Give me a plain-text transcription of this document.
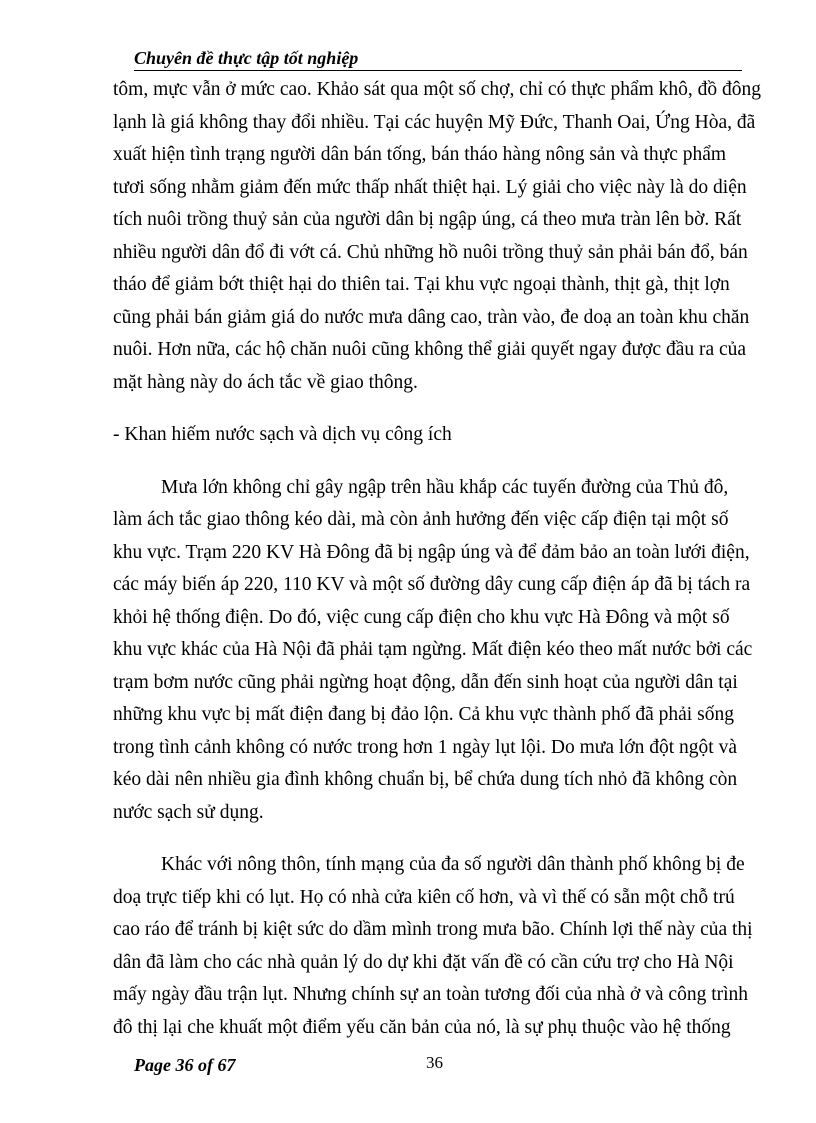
Chuyên đề thực tập tốt nghiệp
tôm, mực vẫn ở mức cao. Khảo sát qua một số chợ, chỉ có thực phẩm khô, đồ đông
lạnh là giá không thay đổi nhiều. Tại các huyện Mỹ Đức, Thanh Oai, Ứng Hòa, đã
xuất hiện tình trạng người dân bán tống, bán tháo hàng nông sản và thực phẩm
tươi sống nhằm giảm đến mức thấp nhất thiệt hại. Lý giải cho việc này là do diện
tích nuôi trồng thuỷ sản của người dân bị ngập úng, cá theo mưa tràn lên bờ. Rất
nhiều người dân đổ đi vớt cá. Chủ những hồ nuôi trồng thuỷ sản phải bán đổ, bán
tháo để giảm bớt thiệt hại do thiên tai. Tại khu vực ngoại thành, thịt gà, thịt lợn
cũng phải bán giảm giá do nước mưa dâng cao, tràn vào, đe doạ an toàn khu chăn
nuôi. Hơn nữa, các hộ chăn nuôi cũng không thể giải quyết ngay được đầu ra của
mặt hàng này do ách tắc về giao thông.
- Khan hiếm nước sạch và dịch vụ công ích
Mưa lớn không chỉ gây ngập trên hầu khắp các tuyến đường của Thủ đô,
làm ách tắc giao thông kéo dài, mà còn ảnh hưởng đến việc cấp điện tại một số
khu vực. Trạm 220 KV Hà Đông đã bị ngập úng và để đảm bảo an toàn lưới điện,
các máy biến áp 220, 110 KV và một số đường dây cung cấp điện áp đã bị tách ra
khỏi hệ thống điện. Do đó, việc cung cấp điện cho khu vực Hà Đông và một số
khu vực khác của Hà Nội đã phải tạm ngừng. Mất điện kéo theo mất nước bởi các
trạm bơm nước cũng phải ngừng hoạt động, dẫn đến sinh hoạt của người dân tại
những khu vực bị mất điện đang bị đảo lộn. Cả khu vực thành phố đã phải sống
trong tình cảnh không có nước trong hơn 1 ngày lụt lội. Do mưa lớn đột ngột và
kéo dài nên nhiều gia đình không chuẩn bị, bể chứa dung tích nhỏ đã không còn
nước sạch sử dụng.
Khác với nông thôn, tính mạng của đa số người dân thành phố không bị đe
doạ trực tiếp khi có lụt. Họ có nhà cửa kiên cố hơn, và vì thế có sẵn một chỗ trú
cao ráo để tránh bị kiệt sức do dầm mình trong mưa bão. Chính lợi thế này của thị
dân đã làm cho các nhà quản lý do dự khi đặt vấn đề có cần cứu trợ cho Hà Nội
mấy ngày đầu trận lụt. Nhưng chính sự an toàn tương đối của nhà ở và công trình
đô thị lại che khuất một điểm yếu căn bản của nó, là sự phụ thuộc vào hệ thống
Page 36 of 67	36
